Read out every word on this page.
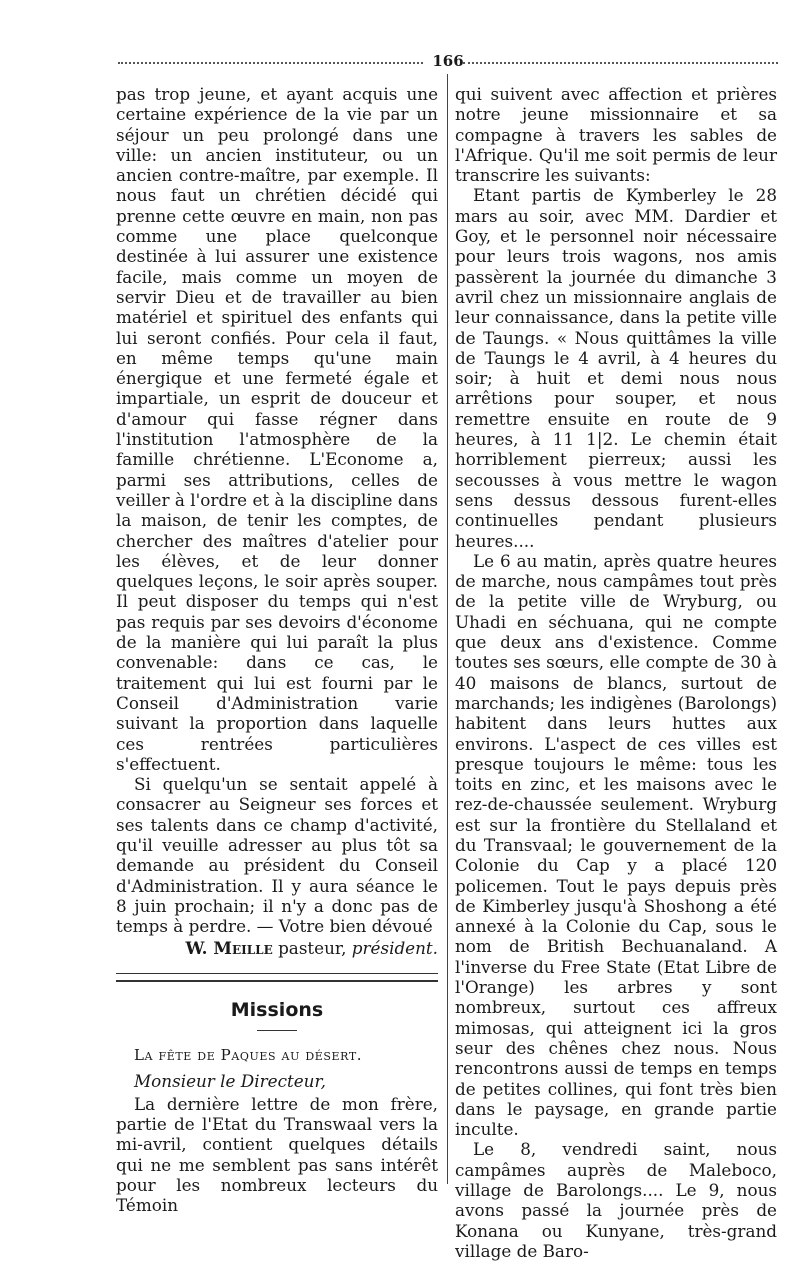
166

pas trop jeune, et ayant acquis une certaine expérience de la vie par un séjour un peu prolongé dans une ville: un ancien instituteur, ou un ancien contre-maître, par exemple. Il nous faut un chrétien décidé qui prenne cette œuvre en main, non pas comme une place quelconque destinée à lui assurer une existence facile, mais comme un moyen de servir Dieu et de travailler au bien matériel et spirituel des enfants qui lui seront confiés. Pour cela il faut, en même temps qu'une main énergique et une fermeté égale et impartiale, un esprit de douceur et d'amour qui fasse régner dans l'institution l'atmosphère de la famille chrétienne. L'Econome a, parmi ses attributions, celles de veiller à l'ordre et à la discipline dans la maison, de tenir les comptes, de chercher des maîtres d'atelier pour les élèves, et de leur donner quelques leçons, le soir après souper. Il peut disposer du temps qui n'est pas requis par ses devoirs d'économe de la manière qui lui paraît la plus convenable: dans ce cas, le traitement qui lui est fourni par le Conseil d'Administration varie suivant la proportion dans laquelle ces rentrées particulières s'effectuent.

Si quelqu'un se sentait appelé à consacrer au Seigneur ses forces et ses talents dans ce champ d'activité, qu'il veuille adresser au plus tôt sa demande au président du Conseil d'Administration. Il y aura séance le 8 juin prochain; il n'y a donc pas de temps à perdre. — Votre bien dévoué

W. Meille pasteur, président.

Missions

La fête de Paques au désert.

Monsieur le Directeur,

La dernière lettre de mon frère, partie de l'Etat du Transwaal vers la mi-avril, contient quelques détails qui ne me semblent pas sans intérêt pour les nombreux lecteurs du Témoin

qui suivent avec affection et prières notre jeune missionnaire et sa compagne à travers les sables de l'Afrique. Qu'il me soit permis de leur transcrire les suivants:

Etant partis de Kymberley le 28 mars au soir, avec MM. Dardier et Goy, et le personnel noir nécessaire pour leurs trois wagons, nos amis passèrent la journée du dimanche 3 avril chez un missionnaire anglais de leur connaissance, dans la petite ville de Taungs. « Nous quittâmes la ville de Taungs le 4 avril, à 4 heures du soir; à huit et demi nous nous arrêtions pour souper, et nous remettre ensuite en route de 9 heures, à 11 1|2. Le chemin était horriblement pierreux; aussi les secousses à vous mettre le wagon sens dessus dessous furent-elles continuelles pendant plusieurs heures....

Le 6 au matin, après quatre heures de marche, nous campâmes tout près de la petite ville de Wryburg, ou Uhadi en séchuana, qui ne compte que deux ans d'existence. Comme toutes ses sœurs, elle compte de 30 à 40 maisons de blancs, surtout de marchands; les indigènes (Barolongs) habitent dans leurs huttes aux environs. L'aspect de ces villes est presque toujours le même: tous les toits en zinc, et les maisons avec le rez-de-chaussée seulement. Wryburg est sur la frontière du Stellaland et du Transvaal; le gouvernement de la Colonie du Cap y a placé 120 policemen. Tout le pays depuis près de Kimberley jusqu'à Shoshong a été annexé à la Colonie du Cap, sous le nom de British Bechuanaland. A l'inverse du Free State (Etat Libre de l'Orange) les arbres y sont nombreux, surtout ces affreux mimosas, qui atteignent ici la gros seur des chênes chez nous. Nous rencontrons aussi de temps en temps de petites collines, qui font très bien dans le paysage, en grande partie inculte.

Le 8, vendredi saint, nous campâmes auprès de Maleboco, village de Barolongs.... Le 9, nous avons passé la journée près de Konana ou Kunyane, très-grand village de Baro-
